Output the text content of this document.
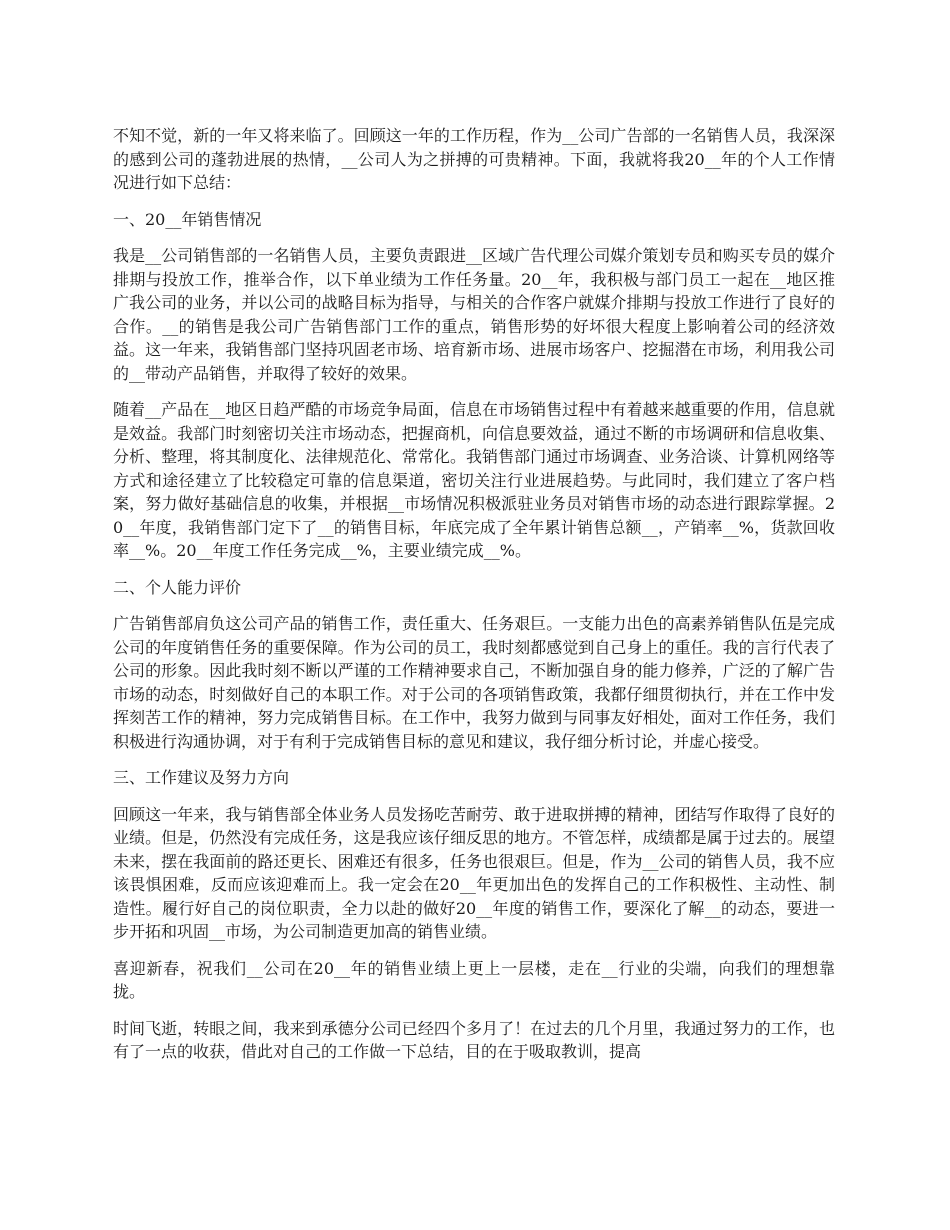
不知不觉，新的一年又将来临了。回顾这一年的工作历程，作为__公司广告部的一名销售人员，我深深的感到公司的蓬勃进展的热情，__公司人为之拼搏的可贵精神。下面，我就将我20__年的个人工作情况进行如下总结：

一、20__年销售情况

我是__公司销售部的一名销售人员，主要负责跟进__区域广告代理公司媒介策划专员和购买专员的媒介排期与投放工作，推举合作，以下单业绩为工作任务量。20__年，我积极与部门员工一起在__地区推广我公司的业务，并以公司的战略目标为指导，与相关的合作客户就媒介排期与投放工作进行了良好的合作。__的销售是我公司广告销售部门工作的重点，销售形势的好坏很大程度上影响着公司的经济效益。这一年来，我销售部门坚持巩固老市场、培育新市场、进展市场客户、挖掘潜在市场，利用我公司的__带动产品销售，并取得了较好的效果。

随着__产品在__地区日趋严酷的市场竞争局面，信息在市场销售过程中有着越来越重要的作用，信息就是效益。我部门时刻密切关注市场动态，把握商机，向信息要效益，通过不断的市场调研和信息收集、分析、整理，将其制度化、法律规范化、常常化。我销售部门通过市场调查、业务洽谈、计算机网络等方式和途径建立了比较稳定可靠的信息渠道，密切关注行业进展趋势。与此同时，我们建立了客户档案，努力做好基础信息的收集，并根据__市场情况积极派驻业务员对销售市场的动态进行跟踪掌握。20__年度，我销售部门定下了__的销售目标，年底完成了全年累计销售总额__，产销率__%，货款回收率__%。20__年度工作任务完成__%，主要业绩完成__%。

二、个人能力评价

广告销售部肩负这公司产品的销售工作，责任重大、任务艰巨。一支能力出色的高素养销售队伍是完成公司的年度销售任务的重要保障。作为公司的员工，我时刻都感觉到自己身上的重任。我的言行代表了公司的形象。因此我时刻不断以严谨的工作精神要求自己，不断加强自身的能力修养，广泛的了解广告市场的动态，时刻做好自己的本职工作。对于公司的各项销售政策，我都仔细贯彻执行，并在工作中发挥刻苦工作的精神，努力完成销售目标。在工作中，我努力做到与同事友好相处，面对工作任务，我们积极进行沟通协调，对于有利于完成销售目标的意见和建议，我仔细分析讨论，并虚心接受。

三、工作建议及努力方向

回顾这一年来，我与销售部全体业务人员发扬吃苦耐劳、敢于进取拼搏的精神，团结写作取得了良好的业绩。但是，仍然没有完成任务，这是我应该仔细反思的地方。不管怎样，成绩都是属于过去的。展望未来，摆在我面前的路还更长、困难还有很多，任务也很艰巨。但是，作为__公司的销售人员，我不应该畏惧困难，反而应该迎难而上。我一定会在20__年更加出色的发挥自己的工作积极性、主动性、制造性。履行好自己的岗位职责，全力以赴的做好20__年度的销售工作，要深化了解__的动态，要进一步开拓和巩固__市场，为公司制造更加高的销售业绩。

喜迎新春，祝我们__公司在20__年的销售业绩上更上一层楼，走在__行业的尖端，向我们的理想靠拢。

时间飞逝，转眼之间，我来到承德分公司已经四个多月了！在过去的几个月里，我通过努力的工作，也有了一点的收获，借此对自己的工作做一下总结，目的在于吸取教训，提高
